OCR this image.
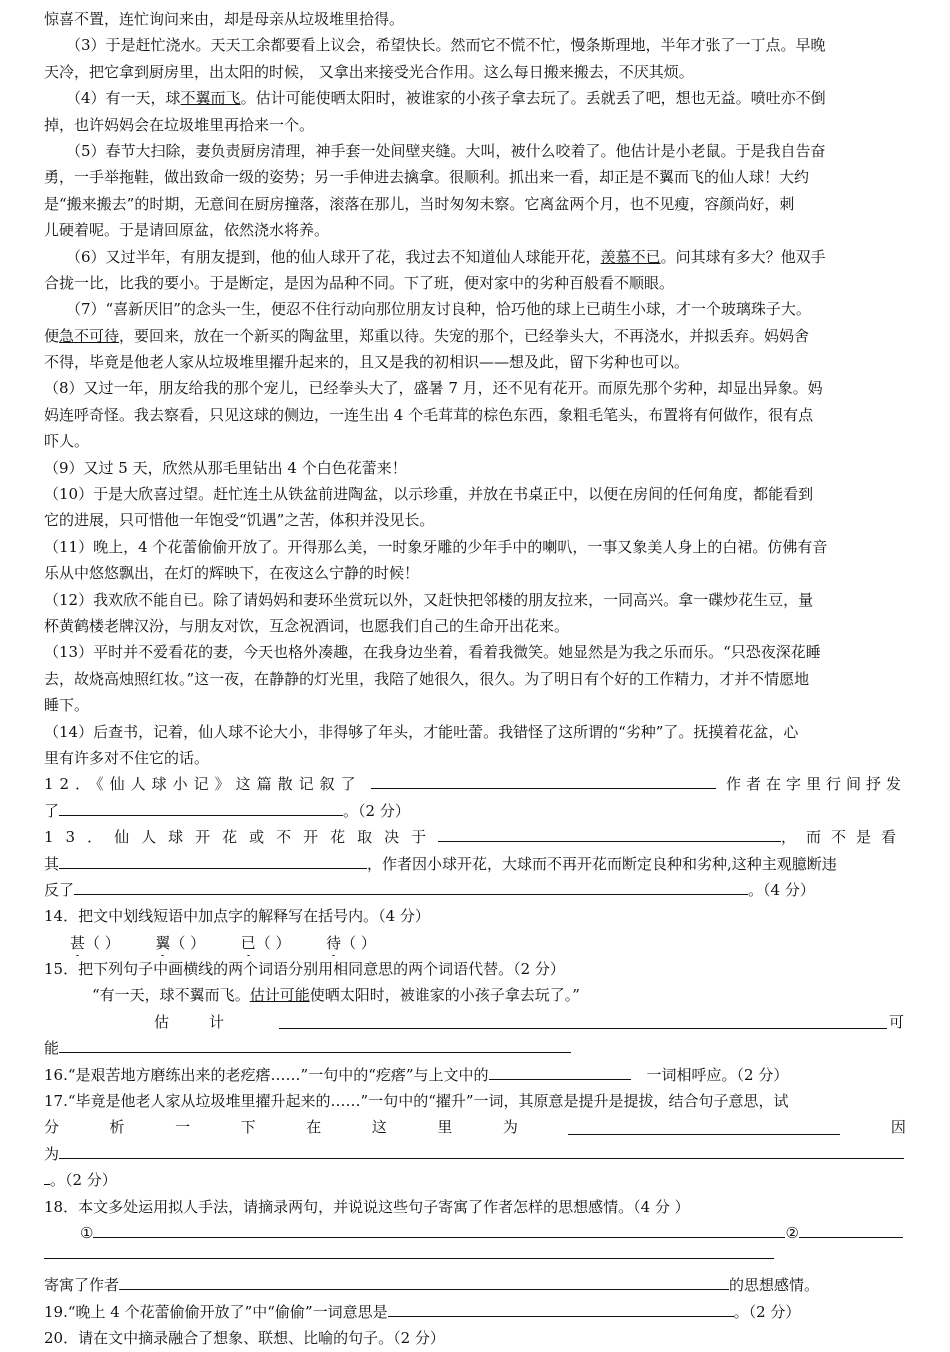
惊喜不置，连忙询问来由，却是母亲从垃圾堆里拾得。
（3）于是赶忙浇水。天天工余都要看上议会，希望快长。然而它不慌不忙，慢条斯理地，半年才张了一丁点。早晚
天冷，把它拿到厨房里，出太阳的时候， 又拿出来接受光合作用。这么每日搬来搬去，不厌其烦。
（4）有一天，球不翼而飞。估计可能使晒太阳时，被谁家的小孩子拿去玩了。丢就丢了吧，想也无益。喷吐亦不倒
掉，也许妈妈会在垃圾堆里再拾来一个。
（5）春节大扫除，妻负责厨房清理，神手套一处间壁夹缝。大叫，被什么咬着了。他估计是小老鼠。于是我自告奋
勇，一手举拖鞋，做出致命一级的姿势；另一手伸进去擒拿。很顺利。抓出来一看，却正是不翼而飞的仙人球！大约
是“搬来搬去”的时期，无意间在厨房撞落，滚落在那儿，当时匆匆未察。它离盆两个月，也不见瘦，容颜尚好，刺
儿硬着呢。于是请回原盆，依然浇水将养。
（6）又过半年，有朋友提到，他的仙人球开了花，我过去不知道仙人球能开花，羡慕不已。问其球有多大？他双手
合拢一比，比我的要小。于是断定，是因为品种不同。下了班，便对家中的劣种百般看不顺眼。
（7）“喜新厌旧”的念头一生，便忍不住行动向那位朋友讨良种，恰巧他的球上已萌生小球，才一个玻璃珠子大。
便急不可待，要回来，放在一个新买的陶盆里，郑重以待。失宠的那个，已经拳头大，不再浇水，并拟丢弃。妈妈舍
不得，毕竟是他老人家从垃圾堆里擢升起来的，且又是我的初相识——想及此，留下劣种也可以。
（8）又过一年，朋友给我的那个宠儿，已经拳头大了，盛暑 7 月，还不见有花开。而原先那个劣种，却显出异象。妈
妈连呼奇怪。我去察看，只见这球的侧边，一连生出 4 个毛茸茸的棕色东西，象粗毛笔头，布置将有何做作，很有点
吓人。
（9）又过 5 天，欣然从那毛里钻出 4 个白色花蕾来！
（10）于是大欣喜过望。赶忙连土从铁盆前进陶盆，以示珍重，并放在书桌正中，以便在房间的任何角度，都能看到
它的进展，只可惜他一年饱受“饥遇”之苦，体积并没见长。
（11）晚上，4 个花蕾偷偷开放了。开得那么美，一时象牙雕的少年手中的喇叭，一事又象美人身上的白裙。仿佛有音
乐从中悠悠飘出，在灯的辉映下，在夜这么宁静的时候！
（12）我欢欣不能自已。除了请妈妈和妻环坐赏玩以外，又赶快把邻楼的朋友拉来，一同高兴。拿一碟炒花生豆，量
杯黄鹤楼老牌汉汾，与朋友对饮，互念祝酒词，也愿我们自己的生命开出花来。
（13）平时并不爱看花的妻，今天也格外凑趣，在我身边坐着，看着我微笑。她显然是为我之乐而乐。“只恐夜深花睡
去，故烧高烛照红妆。”这一夜，在静静的灯光里，我陪了她很久，很久。为了明日有个好的工作精力，才并不情愿地
睡下。
（14）后查书，记着，仙人球不论大小，非得够了年头，才能吐蕾。我错怪了这所谓的“劣种”了。抚摸着花盆，心
里有许多对不住它的话。
12．《仙人球小记》这篇散记叙了	作者在字里行间抒发
了	。（2 分）
13．仙人球开花或不开花取决于	，而不是看
其	，作者因小球开花，大球而不再开花而断定良种和劣种,这种主观臆断违
反了	。（4 分）
14．把文中划线短语中加点字的解释写在括号内。（4 分）
甚（ ） 翼（ ） 已（ ） 待（ ）
15．把下列句子中画横线的两个词语分别用相同意思的两个词语代替。（2 分）
“有一天，球不翼而飞。估计可能使晒太阳时，被谁家的小孩子拿去玩了。”
估	计	可
能
16.“是艰苦地方磨练出来的老疙瘩……”一句中的“疙瘩”与上文中的	一词相呼应。（2 分）
17.“毕竟是他老人家从垃圾堆里擢升起来的……”一句中的“擢升”一词，其原意是提升是提拔，结合句子意思，试
分	析	一	下	在	这	里	为	因
为
。（2 分）
18．本文多处运用拟人手法，请摘录两句，并说说这些句子寄寓了作者怎样的思想感情。（4 分 ）
①	②
寄寓了作者	的思想感情。
19.“晚上 4 个花蕾偷偷开放了”中“偷偷”一词意思是	。（2 分）
20．请在文中摘录融合了想象、联想、比喻的句子。（2 分）
